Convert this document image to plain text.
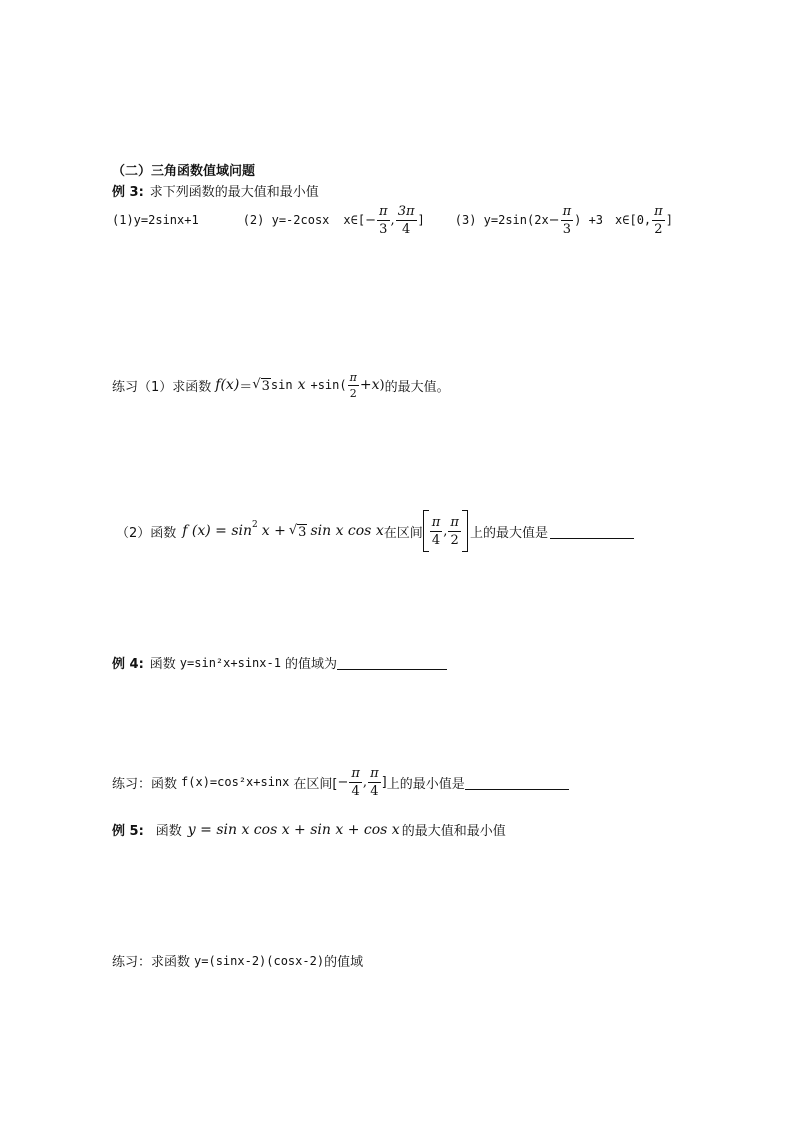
（二）三角函数值域问题
例 3: 求下列函数的最大值和最小值
(1)y=2sinx+1	(2) y=-2cosx x∈[ − $\frac{\pi}{3}$ , $\frac{3\pi}{4}$ ]	(3) $y=2\sin(2x - \frac{\pi}{3}$ ) +3 x∈[0, $\frac{\pi}{2}$ ]
练习（1）求函数 f(x) ＝ √ 3 $\sin x +\sin( \frac{\pi}{2} +x$ ) 的最大值。
（2）函数 f $(x) = \sin^2 x$ + √ 3 sin x cos x 在区间 $\frac{\pi}{4}$ , $\frac{\pi}{2}$ 上的最大值是
例 4: 函数 y=sin²x+sinx-1 的值域为
练习：函数 f(x)=cos²x+sinx 在区间[ − $\frac{\pi}{4}$ , $\frac{\pi}{4}$ ] 上的最小值是
例 5: 函数 y = sin x cos x + sin x + cos x 的最大值和最小值
练习：求函数 y=(sinx-2)(cosx-2) 的值域
